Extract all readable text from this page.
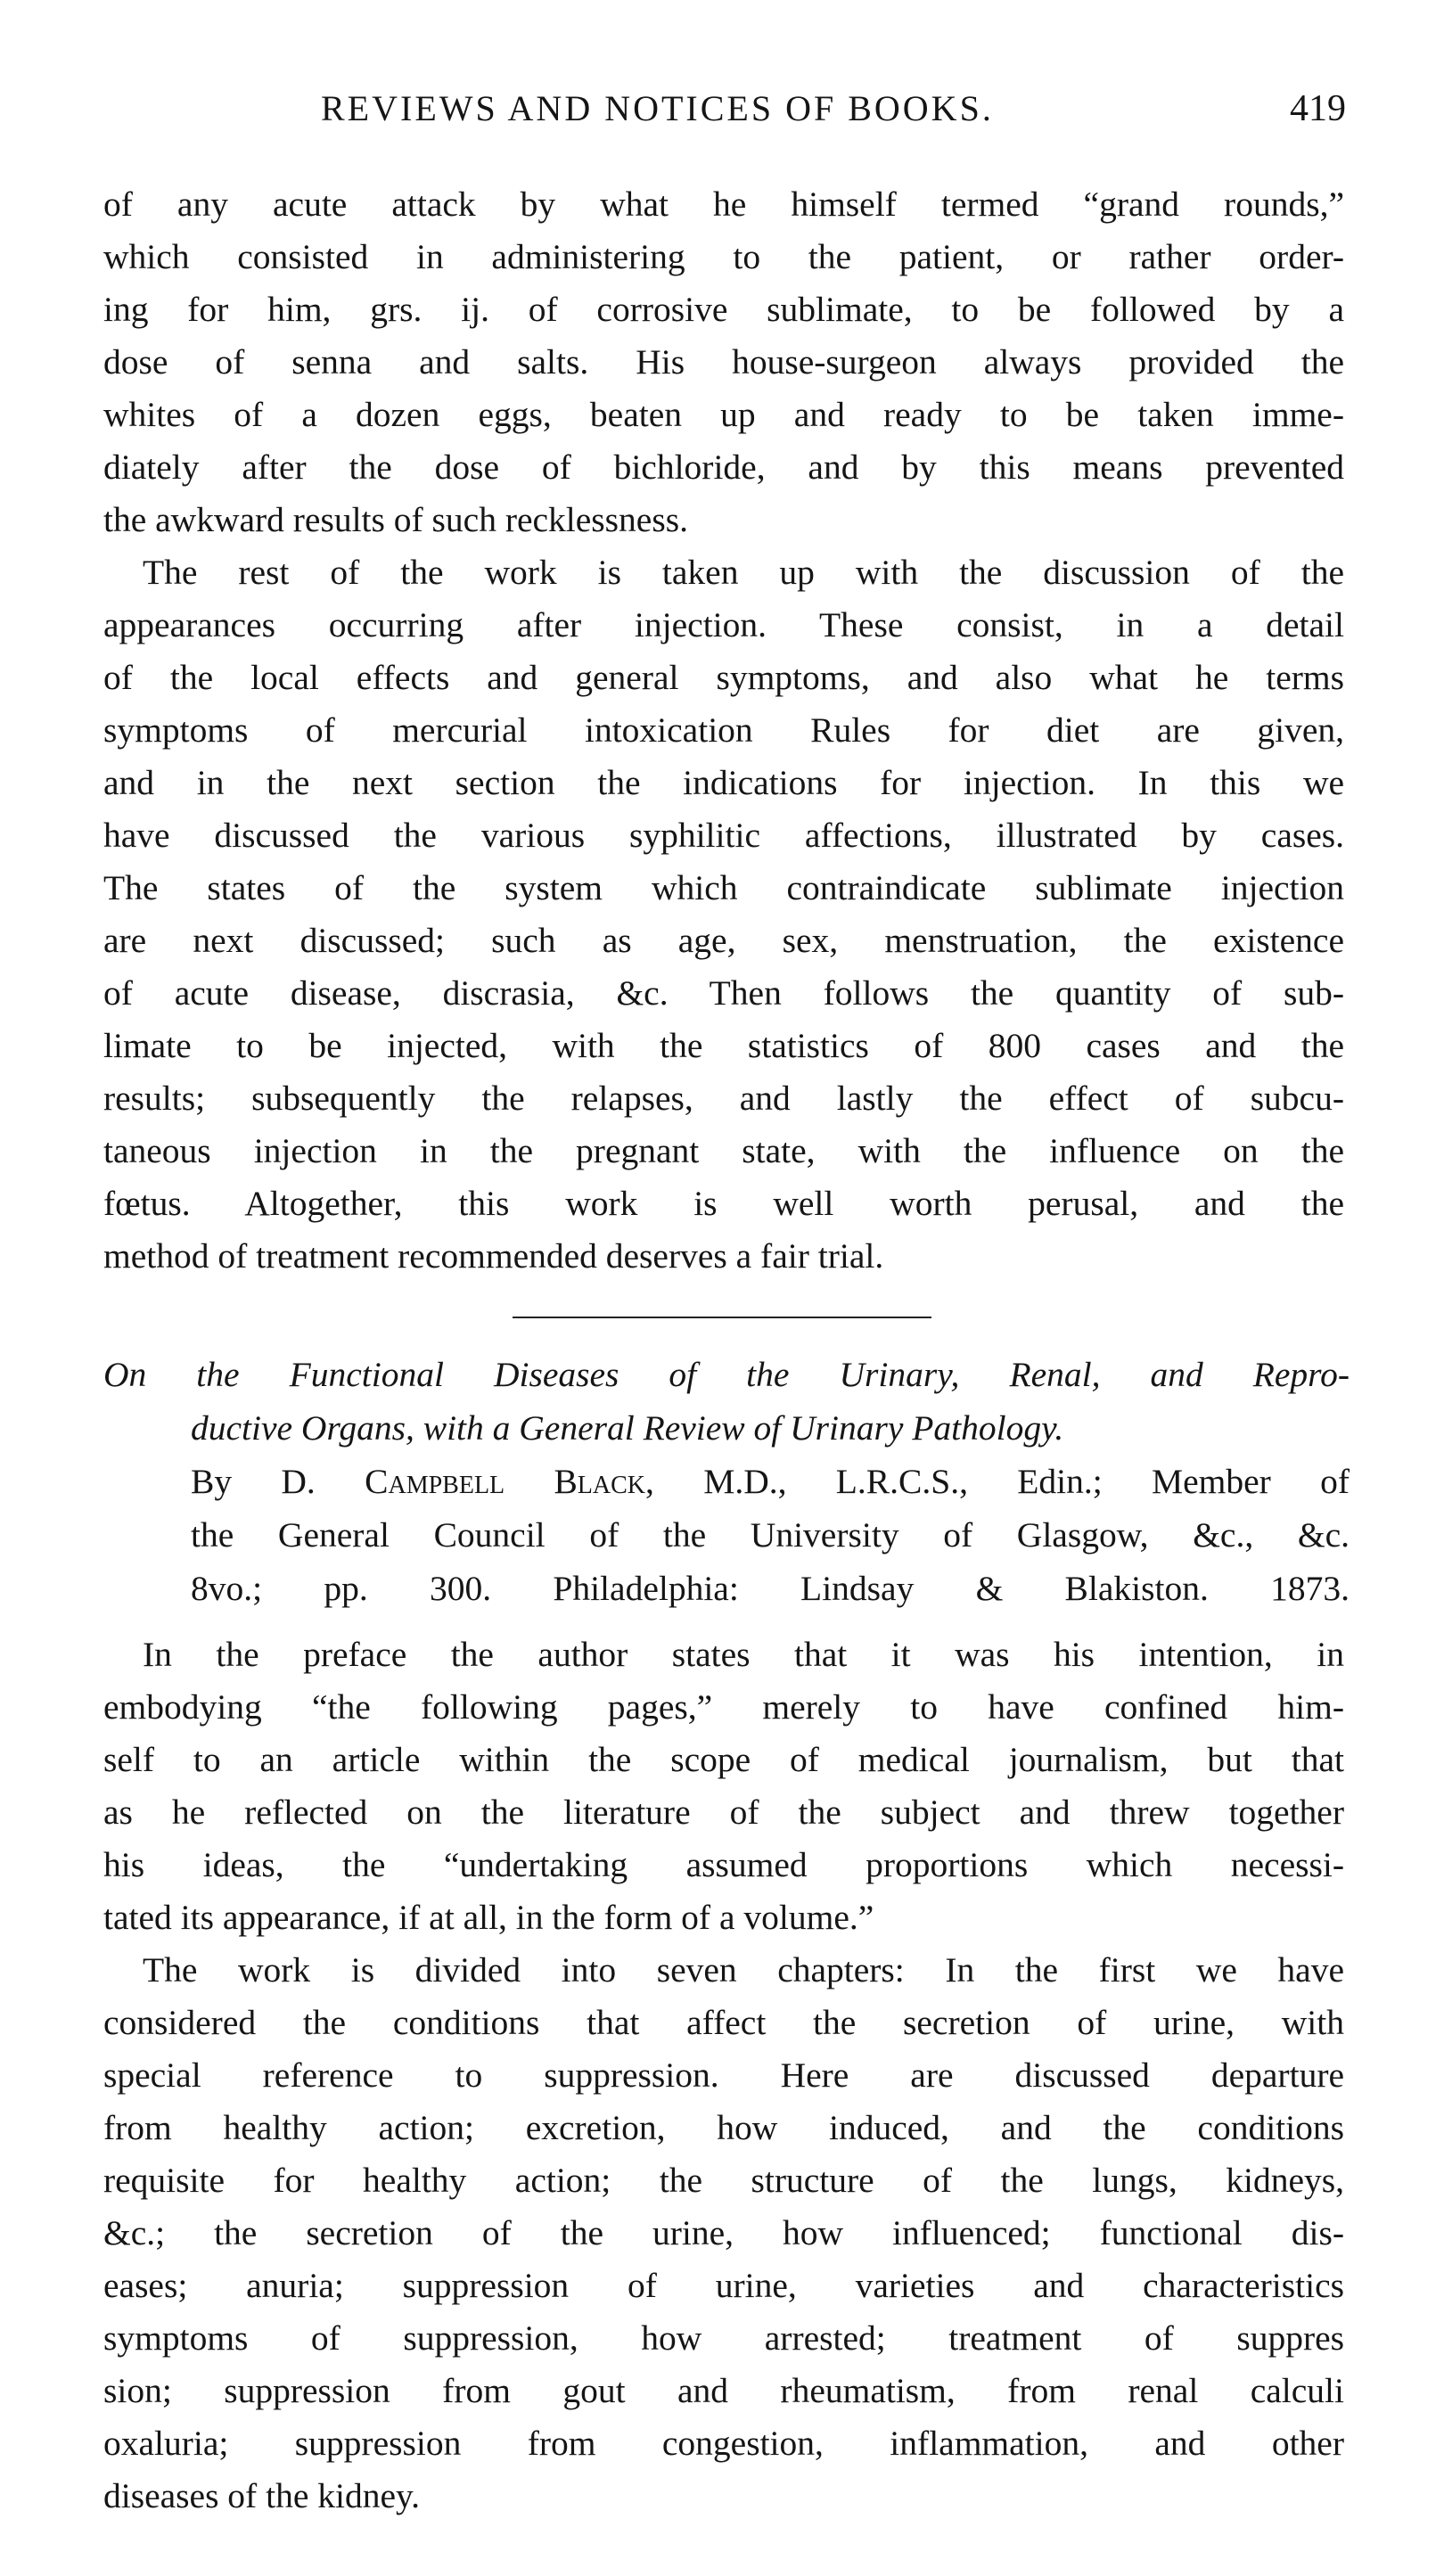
REVIEWS AND NOTICES OF BOOKS.	419
of any acute attack by what he himself termed “grand rounds,”
which consisted in administering to the patient, or rather order-
ing for him, grs. ij. of corrosive sublimate, to be followed by a
dose of senna and salts. His house-surgeon always provided the
whites of a dozen eggs, beaten up and ready to be taken imme-
diately after the dose of bichloride, and by this means prevented
the awkward results of such recklessness.
The rest of the work is taken up with the discussion of the
appearances occurring after injection. These consist, in a detail
of the local effects and general symptoms, and also what he terms
symptoms of mercurial intoxication Rules for diet are given,
and in the next section the indications for injection. In this we
have discussed the various syphilitic affections, illustrated by cases.
The states of the system which contraindicate sublimate injection
are next discussed; such as age, sex, menstruation, the existence
of acute disease, discrasia, &c. Then follows the quantity of sub-
limate to be injected, with the statistics of 800 cases and the
results; subsequently the relapses, and lastly the effect of subcu-
taneous injection in the pregnant state, with the influence on the
fœtus. Altogether, this work is well worth perusal, and the
method of treatment recommended deserves a fair trial.
On the Functional Diseases of the Urinary, Renal, and Repro-
ductive Organs, with a General Review of Urinary Pathology.
By D. Campbell Black, M.D., L.R.C.S., Edin.; Member of
the General Council of the University of Glasgow, &c., &c.
8vo.; pp. 300. Philadelphia: Lindsay & Blakiston. 1873.
In the preface the author states that it was his intention, in
embodying “the following pages,” merely to have confined him-
self to an article within the scope of medical journalism, but that
as he reflected on the literature of the subject and threw together
his ideas, the “undertaking assumed proportions which necessi-
tated its appearance, if at all, in the form of a volume.”
The work is divided into seven chapters: In the first we have
considered the conditions that affect the secretion of urine, with
special reference to suppression. Here are discussed departure
from healthy action; excretion, how induced, and the conditions
requisite for healthy action; the structure of the lungs, kidneys,
&c.; the secretion of the urine, how influenced; functional dis-
eases; anuria; suppression of urine, varieties and characteristics
symptoms of suppression, how arrested; treatment of suppres
sion; suppression from gout and rheumatism, from renal calculi
oxaluria; suppression from congestion, inflammation, and other
diseases of the kidney.
